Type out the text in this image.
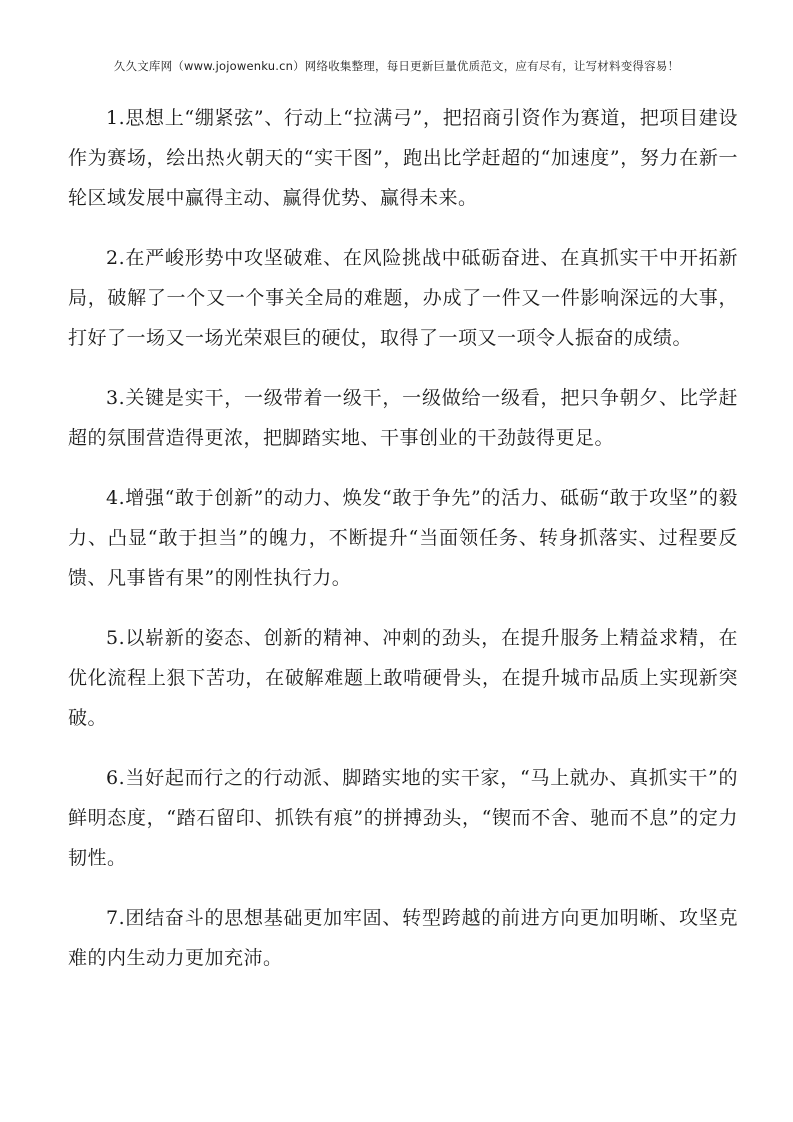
久久文库网（www.jojowenku.cn）网络收集整理，每日更新巨量优质范文，应有尽有，让写材料变得容易！

1.思想上“绷紧弦”、行动上“拉满弓”，把招商引资作为赛道，把项目建设作为赛场，绘出热火朝天的“实干图”，跑出比学赶超的“加速度”，努力在新一轮区域发展中赢得主动、赢得优势、赢得未来。

2.在严峻形势中攻坚破难、在风险挑战中砥砺奋进、在真抓实干中开拓新局，破解了一个又一个事关全局的难题，办成了一件又一件影响深远的大事，打好了一场又一场光荣艰巨的硬仗，取得了一项又一项令人振奋的成绩。

3.关键是实干，一级带着一级干，一级做给一级看，把只争朝夕、比学赶超的氛围营造得更浓，把脚踏实地、干事创业的干劲鼓得更足。

4.增强“敢于创新”的动力、焕发“敢于争先”的活力、砥砺“敢于攻坚”的毅力、凸显“敢于担当”的魄力，不断提升“当面领任务、转身抓落实、过程要反馈、凡事皆有果”的刚性执行力。

5.以崭新的姿态、创新的精神、冲刺的劲头，在提升服务上精益求精，在优化流程上狠下苦功，在破解难题上敢啃硬骨头，在提升城市品质上实现新突破。

6.当好起而行之的行动派、脚踏实地的实干家，“马上就办、真抓实干”的鲜明态度，“踏石留印、抓铁有痕”的拼搏劲头，“锲而不舍、驰而不息”的定力韧性。

7.团结奋斗的思想基础更加牢固、转型跨越的前进方向更加明晰、攻坚克难的内生动力更加充沛。
